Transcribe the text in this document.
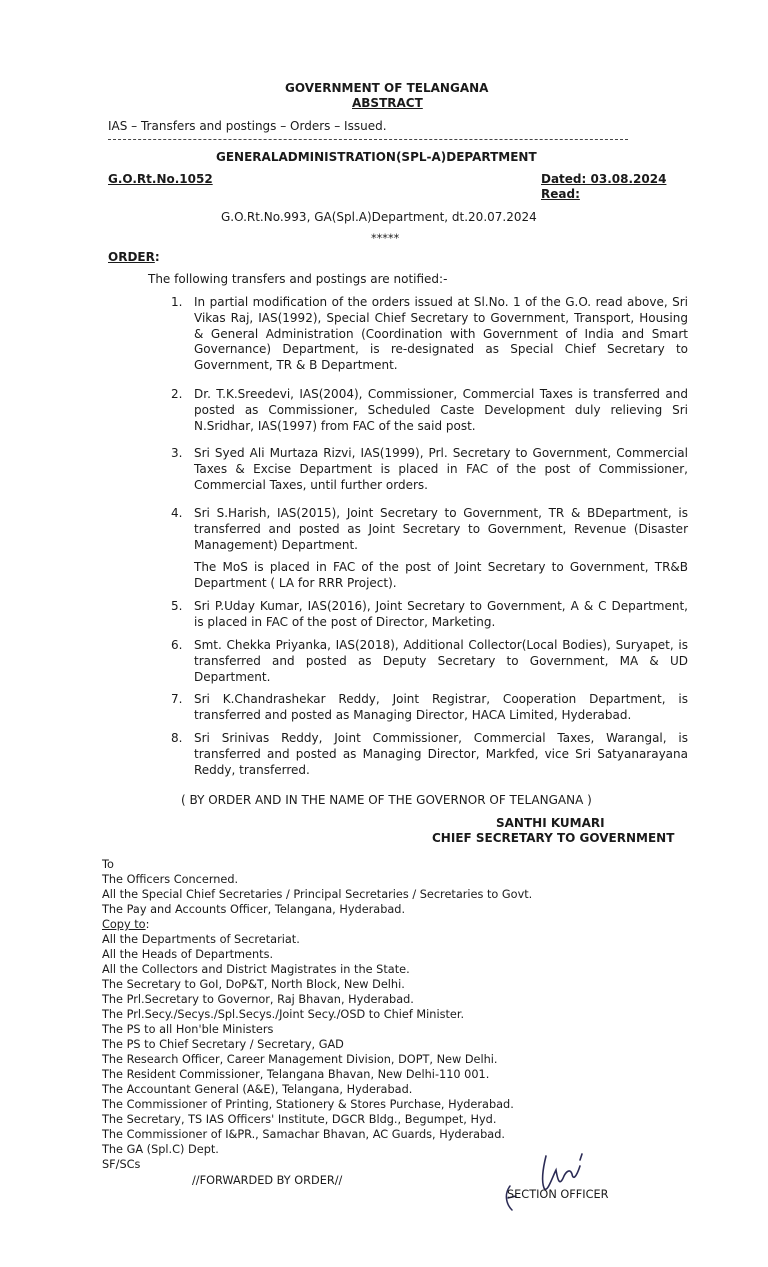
GOVERNMENT OF TELANGANA
ABSTRACT
IAS – Transfers and postings – Orders – Issued.
GENERALADMINISTRATION(SPL-A)DEPARTMENT
G.O.Rt.No.1052	Dated: 03.08.2024
Read:
G.O.Rt.No.993, GA(Spl.A)Department, dt.20.07.2024
*****
ORDER:
The following transfers and postings are notified:-
1. In partial modification of the orders issued at Sl.No. 1 of the G.O. read above, Sri Vikas Raj, IAS(1992), Special Chief Secretary to Government, Transport, Housing & General Administration (Coordination with Government of India and Smart Governance) Department, is re-designated as Special Chief Secretary to Government, TR & B Department.
2. Dr. T.K.Sreedevi, IAS(2004), Commissioner, Commercial Taxes is transferred and posted as Commissioner, Scheduled Caste Development duly relieving Sri N.Sridhar, IAS(1997) from FAC of the said post.
3. Sri Syed Ali Murtaza Rizvi, IAS(1999), Prl. Secretary to Government, Commercial Taxes & Excise Department is placed in FAC of the post of Commissioner, Commercial Taxes, until further orders.
4. Sri S.Harish, IAS(2015), Joint Secretary to Government, TR & BDepartment, is transferred and posted as Joint Secretary to Government, Revenue (Disaster Management) Department.
The MoS is placed in FAC of the post of Joint Secretary to Government, TR&B Department ( LA for RRR Project).
5. Sri P.Uday Kumar, IAS(2016), Joint Secretary to Government, A & C Department, is placed in FAC of the post of Director, Marketing.
6. Smt. Chekka Priyanka, IAS(2018), Additional Collector(Local Bodies), Suryapet, is transferred and posted as Deputy Secretary to Government, MA & UD Department.
7. Sri K.Chandrashekar Reddy, Joint Registrar, Cooperation Department, is transferred and posted as Managing Director, HACA Limited, Hyderabad.
8. Sri Srinivas Reddy, Joint Commissioner, Commercial Taxes, Warangal, is transferred and posted as Managing Director, Markfed, vice Sri Satyanarayana Reddy, transferred.
( BY ORDER AND IN THE NAME OF THE GOVERNOR OF TELANGANA )
SANTHI KUMARI
CHIEF SECRETARY TO GOVERNMENT
To
The Officers Concerned.
All the Special Chief Secretaries / Principal Secretaries / Secretaries to Govt.
The Pay and Accounts Officer, Telangana, Hyderabad.
Copy to:
All the Departments of Secretariat.
All the Heads of Departments.
All the Collectors and District Magistrates in the State.
The Secretary to GoI, DoP&T, North Block, New Delhi.
The Prl.Secretary to Governor, Raj Bhavan, Hyderabad.
The Prl.Secy./Secys./Spl.Secys./Joint Secy./OSD to Chief Minister.
The PS to all Hon'ble Ministers
The PS to Chief Secretary / Secretary, GAD
The Research Officer, Career Management Division, DOPT, New Delhi.
The Resident Commissioner, Telangana Bhavan, New Delhi-110 001.
The Accountant General (A&E), Telangana, Hyderabad.
The Commissioner of Printing, Stationery & Stores Purchase, Hyderabad.
The Secretary, TS IAS Officers' Institute, DGCR Bldg., Begumpet, Hyd.
The Commissioner of I&PR., Samachar Bhavan, AC Guards, Hyderabad.
The GA (Spl.C) Dept.
SF/SCs
//FORWARDED BY ORDER//
SECTION OFFICER
